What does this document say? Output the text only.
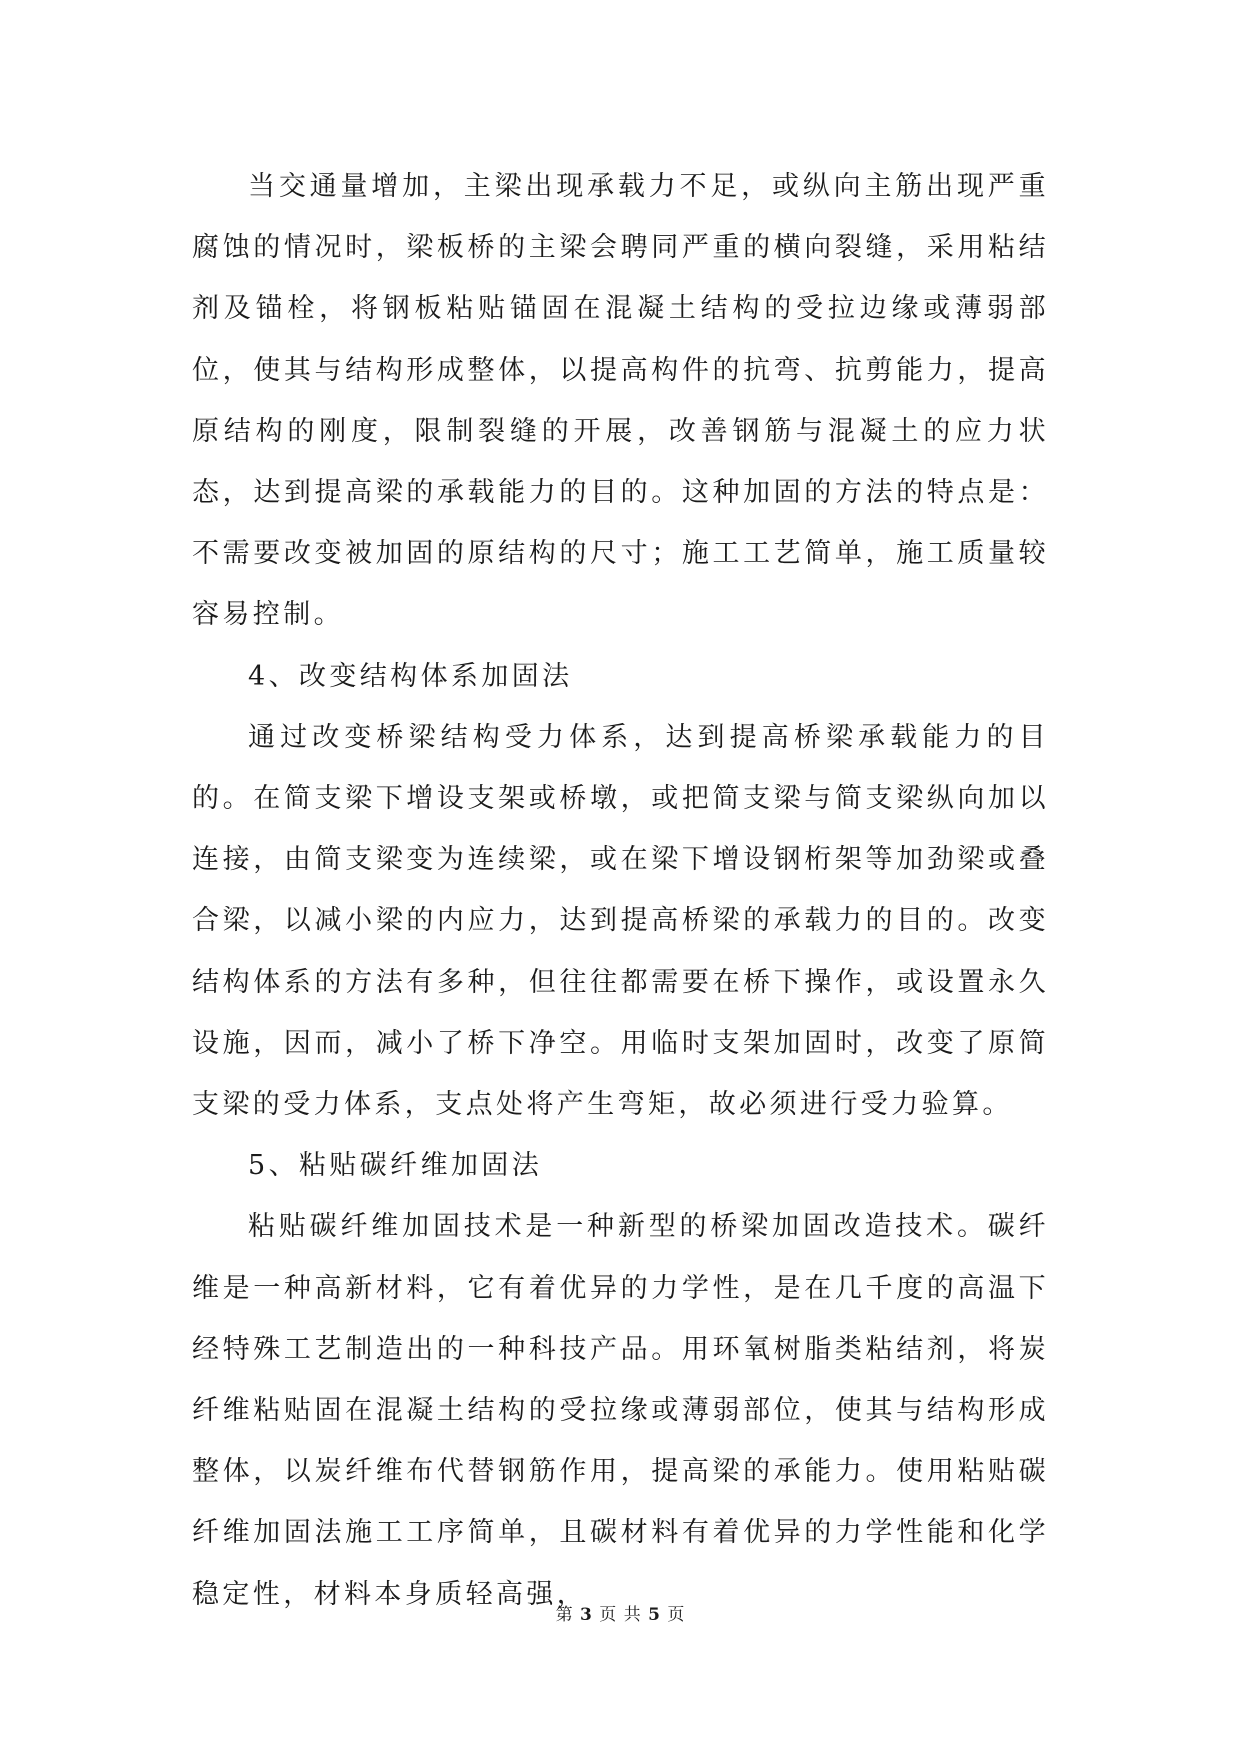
当交通量增加，主梁出现承载力不足，或纵向主筋出现严重腐蚀的情况时，梁板桥的主梁会聘同严重的横向裂缝，采用粘结剂及锚栓，将钢板粘贴锚固在混凝土结构的受拉边缘或薄弱部位，使其与结构形成整体，以提高构件的抗弯、抗剪能力，提高原结构的刚度，限制裂缝的开展，改善钢筋与混凝土的应力状态，达到提高梁的承载能力的目的。这种加固的方法的特点是：不需要改变被加固的原结构的尺寸；施工工艺简单，施工质量较容易控制。

4、改变结构体系加固法

通过改变桥梁结构受力体系，达到提高桥梁承载能力的目的。在简支梁下增设支架或桥墩，或把简支梁与简支梁纵向加以连接，由简支梁变为连续梁，或在梁下增设钢桁架等加劲梁或叠合梁，以减小梁的内应力，达到提高桥梁的承载力的目的。改变结构体系的方法有多种，但往往都需要在桥下操作，或设置永久设施，因而，减小了桥下净空。用临时支架加固时，改变了原简支梁的受力体系，支点处将产生弯矩，故必须进行受力验算。

5、粘贴碳纤维加固法

粘贴碳纤维加固技术是一种新型的桥梁加固改造技术。碳纤维是一种高新材料，它有着优异的力学性，是在几千度的高温下经特殊工艺制造出的一种科技产品。用环氧树脂类粘结剂，将炭纤维粘贴固在混凝土结构的受拉缘或薄弱部位，使其与结构形成整体，以炭纤维布代替钢筋作用，提高梁的承能力。使用粘贴碳纤维加固法施工工序简单，且碳材料有着优异的力学性能和化学稳定性，材料本身质轻高强，

第 3 页 共 5 页
